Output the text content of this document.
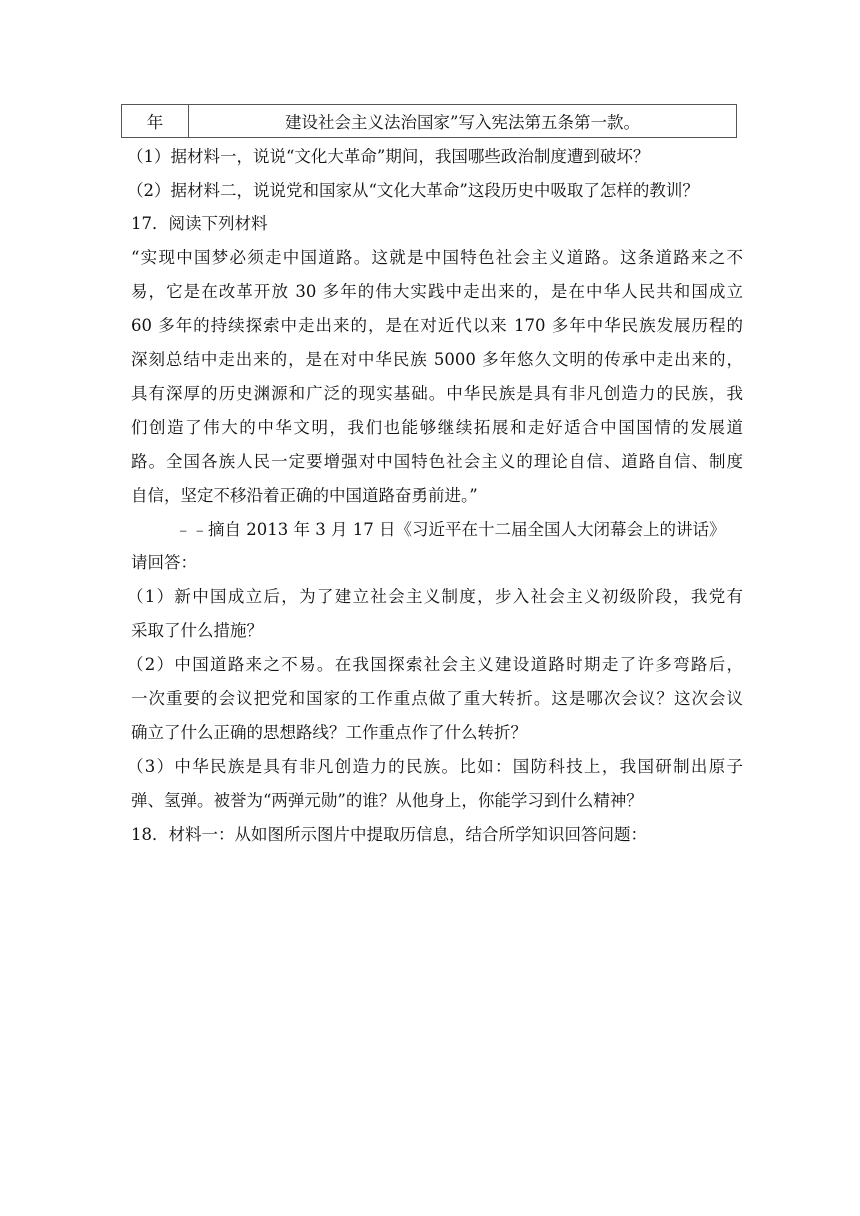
年	建设社会主义法治国家”写入宪法第五条第一款。
（1）据材料一，说说“文化大革命”期间，我国哪些政治制度遭到破坏？
（2）据材料二，说说党和国家从“文化大革命”这段历史中吸取了怎样的教训？
17．阅读下列材料
“实现中国梦必须走中国道路。这就是中国特色社会主义道路。这条道路来之不
易，它是在改革开放 30 多年的伟大实践中走出来的，是在中华人民共和国成立
60 多年的持续探索中走出来的，是在对近代以来 170 多年中华民族发展历程的
深刻总结中走出来的，是在对中华民族 5000 多年悠久文明的传承中走出来的，
具有深厚的历史渊源和广泛的现实基础。中华民族是具有非凡创造力的民族，我
们创造了伟大的中华文明，我们也能够继续拓展和走好适合中国国情的发展道
路。全国各族人民一定要增强对中国特色社会主义的理论自信、道路自信、制度
自信，坚定不移沿着正确的中国道路奋勇前进。”
﹣﹣摘自 2013 年 3 月 17 日《习近平在十二届全国人大闭幕会上的讲话》
请回答：
（1）新中国成立后，为了建立社会主义制度，步入社会主义初级阶段，我党有
采取了什么措施？
（2）中国道路来之不易。在我国探索社会主义建设道路时期走了许多弯路后，
一次重要的会议把党和国家的工作重点做了重大转折。这是哪次会议？这次会议
确立了什么正确的思想路线？工作重点作了什么转折？
（3）中华民族是具有非凡创造力的民族。比如：国防科技上，我国研制出原子
弹、氢弹。被誉为“两弹元勋”的谁？从他身上，你能学习到什么精神？
18．材料一：从如图所示图片中提取历信息，结合所学知识回答问题：
